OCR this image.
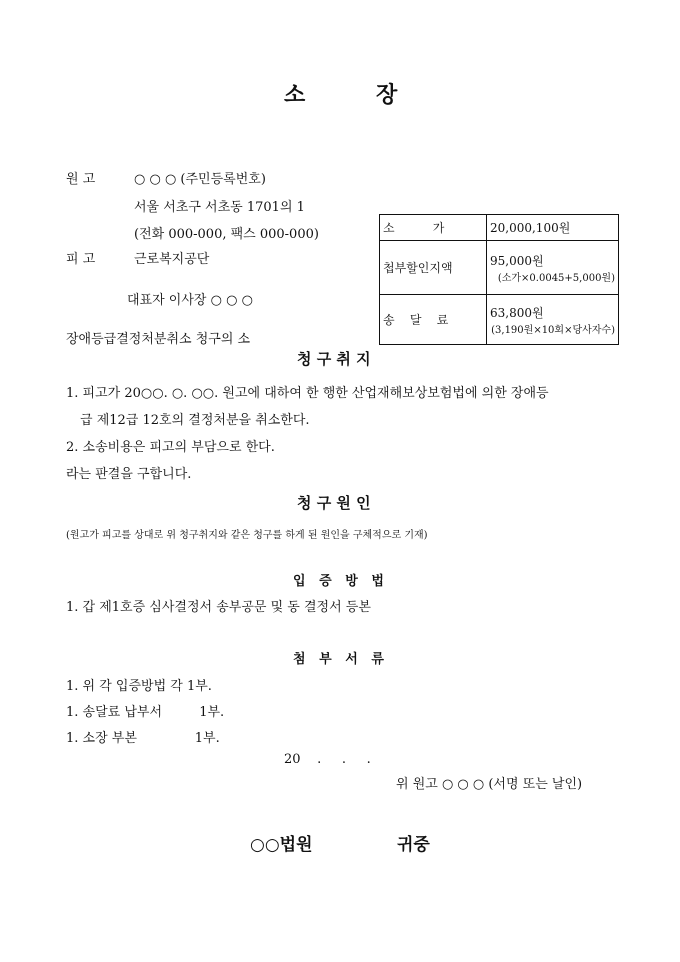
소	장
원 고	○ ○ ○ (주민등록번호)
서울 서초구 서초동 1701의 1
(전화 000-000, 팩스 000-000)
피 고	근로복지공단
대표자 이사장 ○ ○ ○
장애등급결정처분취소 청구의 소
소          가	20,000,100원
첩부할인지액	95,000원
(소가×0.0045+5,000원)

송    달    료	63,800원
(3,190원×10회×당사자수)
청 구 취 지
1. 피고가 20○○. ○. ○○. 원고에 대하여 한 행한 산업재해보상보험법에 의한 장애등
급 제12급 12호의 결정처분을 취소한다.
2. 소송비용은 피고의 부담으로 한다.
라는 판결을 구합니다.
청 구 원 인
(원고가 피고를 상대로 위 청구취지와 같은 청구를 하게 된 원인을 구체적으로 기재)
입   증   방   법
1. 갑 제1호증 심사결정서 송부공문 및 동 결정서 등본
첨   부   서   류
1. 위 각 입증방법 각 1부.
1. 송달료 납부서         1부.
1. 소장 부본              1부.
20    .     .     .
위 원고 ○ ○ ○ (서명 또는 날인)
○○법원	귀중
